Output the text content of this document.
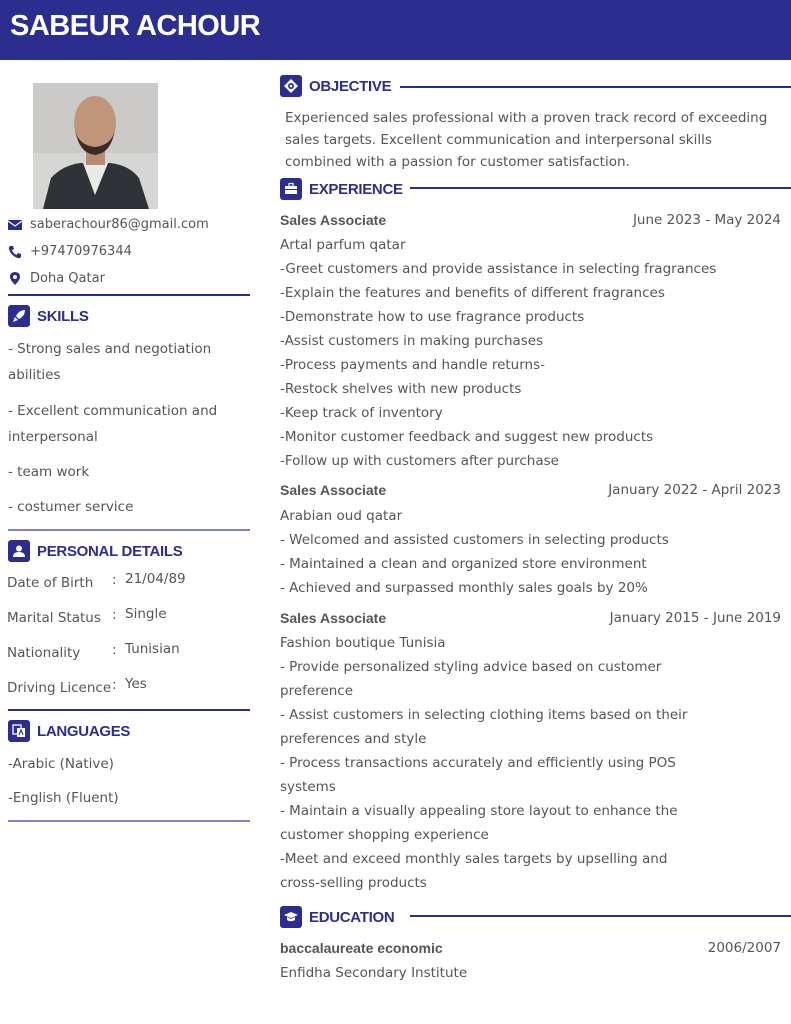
SABEUR ACHOUR
saberachour86@gmail.com
+97470976344
Doha Qatar
SKILLS
- Strong sales and negotiation abilities
- Excellent communication and interpersonal
- team work
- costumer service
PERSONAL DETAILS
Date of Birth : 21/04/89
Marital Status : Single
Nationality : Tunisian
Driving Licence : Yes
LANGUAGES
-Arabic (Native)
-English (Fluent)
OBJECTIVE
Experienced sales professional with a proven track record of exceeding sales targets. Excellent communication and interpersonal skills combined with a passion for customer satisfaction.
EXPERIENCE
Sales Associate	June 2023 - May 2024
Artal parfum qatar
-Greet customers and provide assistance in selecting fragrances
-Explain the features and benefits of different fragrances
-Demonstrate how to use fragrance products
-Assist customers in making purchases
-Process payments and handle returns-
-Restock shelves with new products
-Keep track of inventory
-Monitor customer feedback and suggest new products
-Follow up with customers after purchase
Sales Associate	January 2022 - April 2023
Arabian oud qatar
- Welcomed and assisted customers in selecting products
- Maintained a clean and organized store environment
- Achieved and surpassed monthly sales goals by 20%
Sales Associate	January 2015 - June 2019
Fashion boutique Tunisia
- Provide personalized styling advice based on customer preference
- Assist customers in selecting clothing items based on their preferences and style
- Process transactions accurately and efficiently using POS systems
- Maintain a visually appealing store layout to enhance the customer shopping experience
-Meet and exceed monthly sales targets by upselling and cross-selling products
EDUCATION
baccalaureate economic	2006/2007
Enfidha Secondary Institute
